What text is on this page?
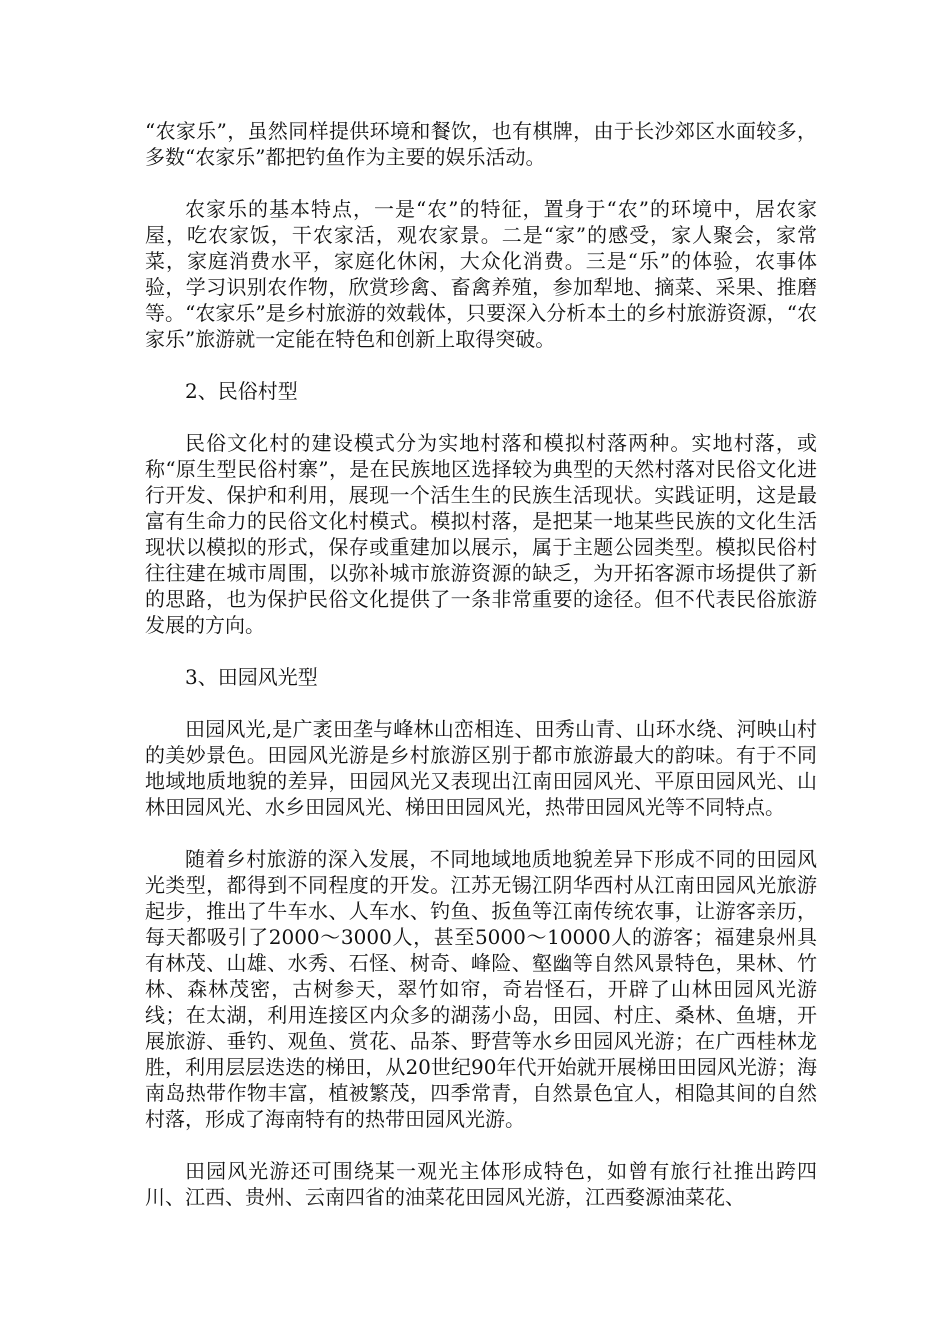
“农家乐”，虽然同样提供环境和餐饮，也有棋牌，由于长沙郊区水面较多，多数“农家乐”都把钓鱼作为主要的娱乐活动。

农家乐的基本特点，一是“农”的特征，置身于“农”的环境中，居农家屋，吃农家饭，干农家活，观农家景。二是“家”的感受，家人聚会，家常菜，家庭消费水平，家庭化休闲，大众化消费。三是“乐”的体验，农事体验，学习识别农作物，欣赏珍禽、畜禽养殖，参加犁地、摘菜、采果、推磨等。“农家乐”是乡村旅游的效载体，只要深入分析本土的乡村旅游资源，“农家乐”旅游就一定能在特色和创新上取得突破。

2、民俗村型

民俗文化村的建设模式分为实地村落和模拟村落两种。实地村落，或称“原生型民俗村寨”，是在民族地区选择较为典型的天然村落对民俗文化进行开发、保护和利用，展现一个活生生的民族生活现状。实践证明，这是最富有生命力的民俗文化村模式。模拟村落，是把某一地某些民族的文化生活现状以模拟的形式，保存或重建加以展示，属于主题公园类型。模拟民俗村往往建在城市周围，以弥补城市旅游资源的缺乏，为开拓客源市场提供了新的思路，也为保护民俗文化提供了一条非常重要的途径。但不代表民俗旅游发展的方向。

3、田园风光型

田园风光,是广袤田垄与峰林山峦相连、田秀山青、山环水绕、河映山村的美妙景色。田园风光游是乡村旅游区别于都市旅游最大的韵味。有于不同地域地质地貌的差异，田园风光又表现出江南田园风光、平原田园风光、山林田园风光、水乡田园风光、梯田田园风光，热带田园风光等不同特点。

随着乡村旅游的深入发展，不同地域地质地貌差异下形成不同的田园风光类型，都得到不同程度的开发。江苏无锡江阴华西村从江南田园风光旅游起步，推出了牛车水、人车水、钓鱼、扳鱼等江南传统农事，让游客亲历，每天都吸引了2000～3000人，甚至5000～10000人的游客；福建泉州具有林茂、山雄、水秀、石怪、树奇、峰险、壑幽等自然风景特色，果林、竹林、森林茂密，古树参天，翠竹如帘，奇岩怪石，开辟了山林田园风光游线；在太湖，利用连接区内众多的湖荡小岛，田园、村庄、桑林、鱼塘，开展旅游、垂钓、观鱼、赏花、品茶、野营等水乡田园风光游；在广西桂林龙胜，利用层层迭迭的梯田，从20世纪90年代开始就开展梯田田园风光游；海南岛热带作物丰富，植被繁茂，四季常青，自然景色宜人，相隐其间的自然村落，形成了海南特有的热带田园风光游。

田园风光游还可围绕某一观光主体形成特色，如曾有旅行社推出跨四川、江西、贵州、云南四省的油菜花田园风光游，江西婺源油菜花、
